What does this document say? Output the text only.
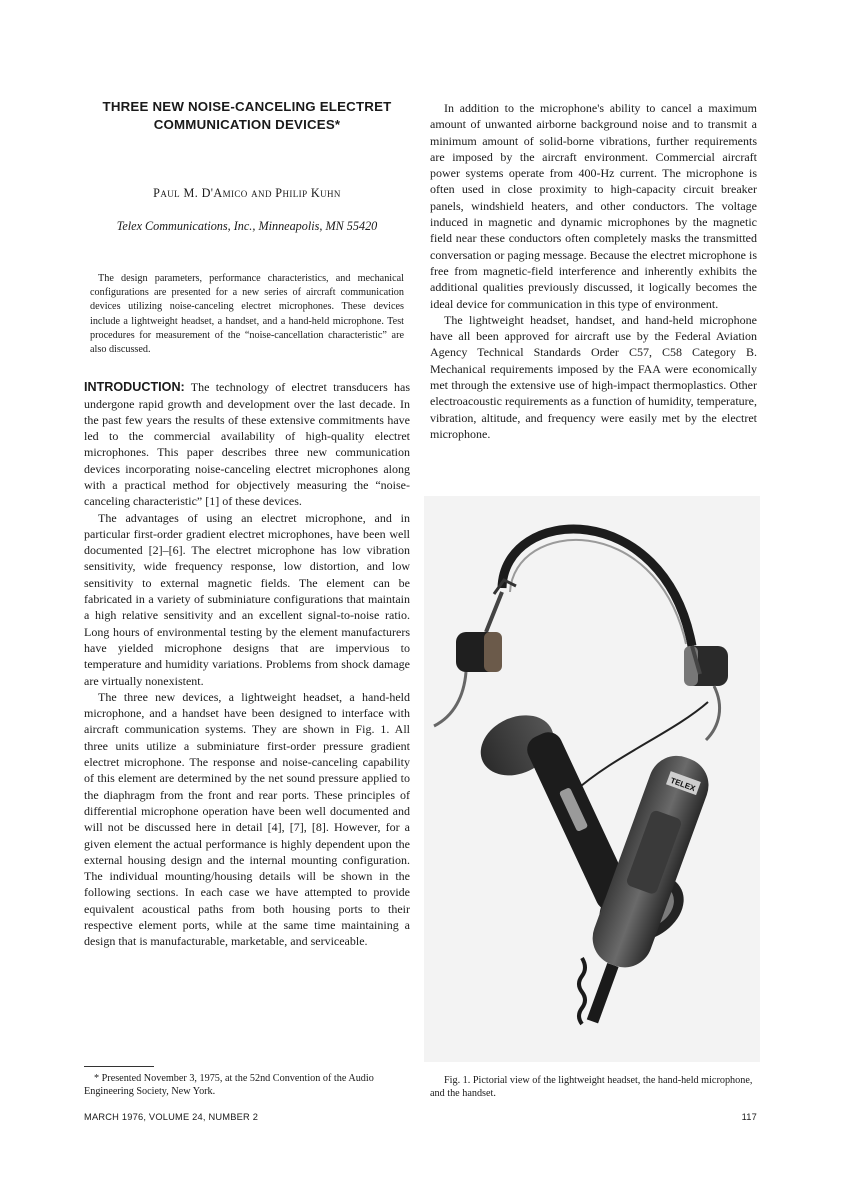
THREE NEW NOISE-CANCELING ELECTRET
COMMUNICATION DEVICES*
Paul M. D'Amico and Philip Kuhn
Telex Communications, Inc., Minneapolis, MN 55420

The design parameters, performance characteristics, and mechanical configurations are presented for a new series of aircraft communication devices utilizing noise-canceling electret microphones. These devices include a lightweight headset, a handset, and a hand-held microphone. Test procedures for measurement of the “noise-cancellation characteristic” are also discussed.

INTRODUCTION: The technology of electret transducers has undergone rapid growth and development over the last decade. In the past few years the results of these extensive commitments have led to the commercial availability of high-quality electret microphones. This paper describes three new communication devices incorporating noise-canceling electret microphones along with a practical method for objectively measuring the “noise-canceling characteristic” [1] of these devices.

The advantages of using an electret microphone, and in particular first-order gradient electret microphones, have been well documented [2]–[6]. The electret microphone has low vibration sensitivity, wide frequency response, low distortion, and low sensitivity to external magnetic fields. The element can be fabricated in a variety of subminiature configurations that maintain a high relative sensitivity and an excellent signal-to-noise ratio. Long hours of environmental testing by the element manufacturers have yielded microphone designs that are impervious to temperature and humidity variations. Problems from shock damage are virtually nonexistent.

The three new devices, a lightweight headset, a hand-held microphone, and a handset have been designed to interface with aircraft communication systems. They are shown in Fig. 1. All three units utilize a subminiature first-order pressure gradient electret microphone. The response and noise-canceling capability of this element are determined by the net sound pressure applied to the diaphragm from the front and rear ports. These principles of differential microphone operation have been well documented and will not be discussed here in detail [4], [7], [8]. However, for a given element the actual performance is highly dependent upon the external housing design and the internal mounting configuration. The individual mounting/housing details will be shown in the following sections. In each case we have attempted to provide equivalent acoustical paths from both housing ports to their respective element ports, while at the same time maintaining a design that is manufacturable, marketable, and serviceable.

* Presented November 3, 1975, at the 52nd Convention of the Audio Engineering Society, New York.

In addition to the microphone's ability to cancel a maximum amount of unwanted airborne background noise and to transmit a minimum amount of solid-borne vibrations, further requirements are imposed by the aircraft environment. Commercial aircraft power systems operate from 400-Hz current. The microphone is often used in close proximity to high-capacity circuit breaker panels, windshield heaters, and other conductors. The voltage induced in magnetic and dynamic microphones by the magnetic field near these conductors often completely masks the transmitted conversation or paging message. Because the electret microphone is free from magnetic-field interference and inherently exhibits the additional qualities previously discussed, it logically becomes the ideal device for communication in this type of environment.

The lightweight headset, handset, and hand-held microphone have all been approved for aircraft use by the Federal Aviation Agency Technical Standards Order C57, C58 Category B. Mechanical requirements imposed by the FAA were economically met through the extensive use of high-impact thermoplastics. Other electroacoustic requirements as a function of humidity, temperature, vibration, altitude, and frequency were easily met by the electret microphone.

TELEX
Fig. 1. Pictorial view of the lightweight headset, the hand-held microphone, and the handset.
MARCH 1976, VOLUME 24, NUMBER 2	117
